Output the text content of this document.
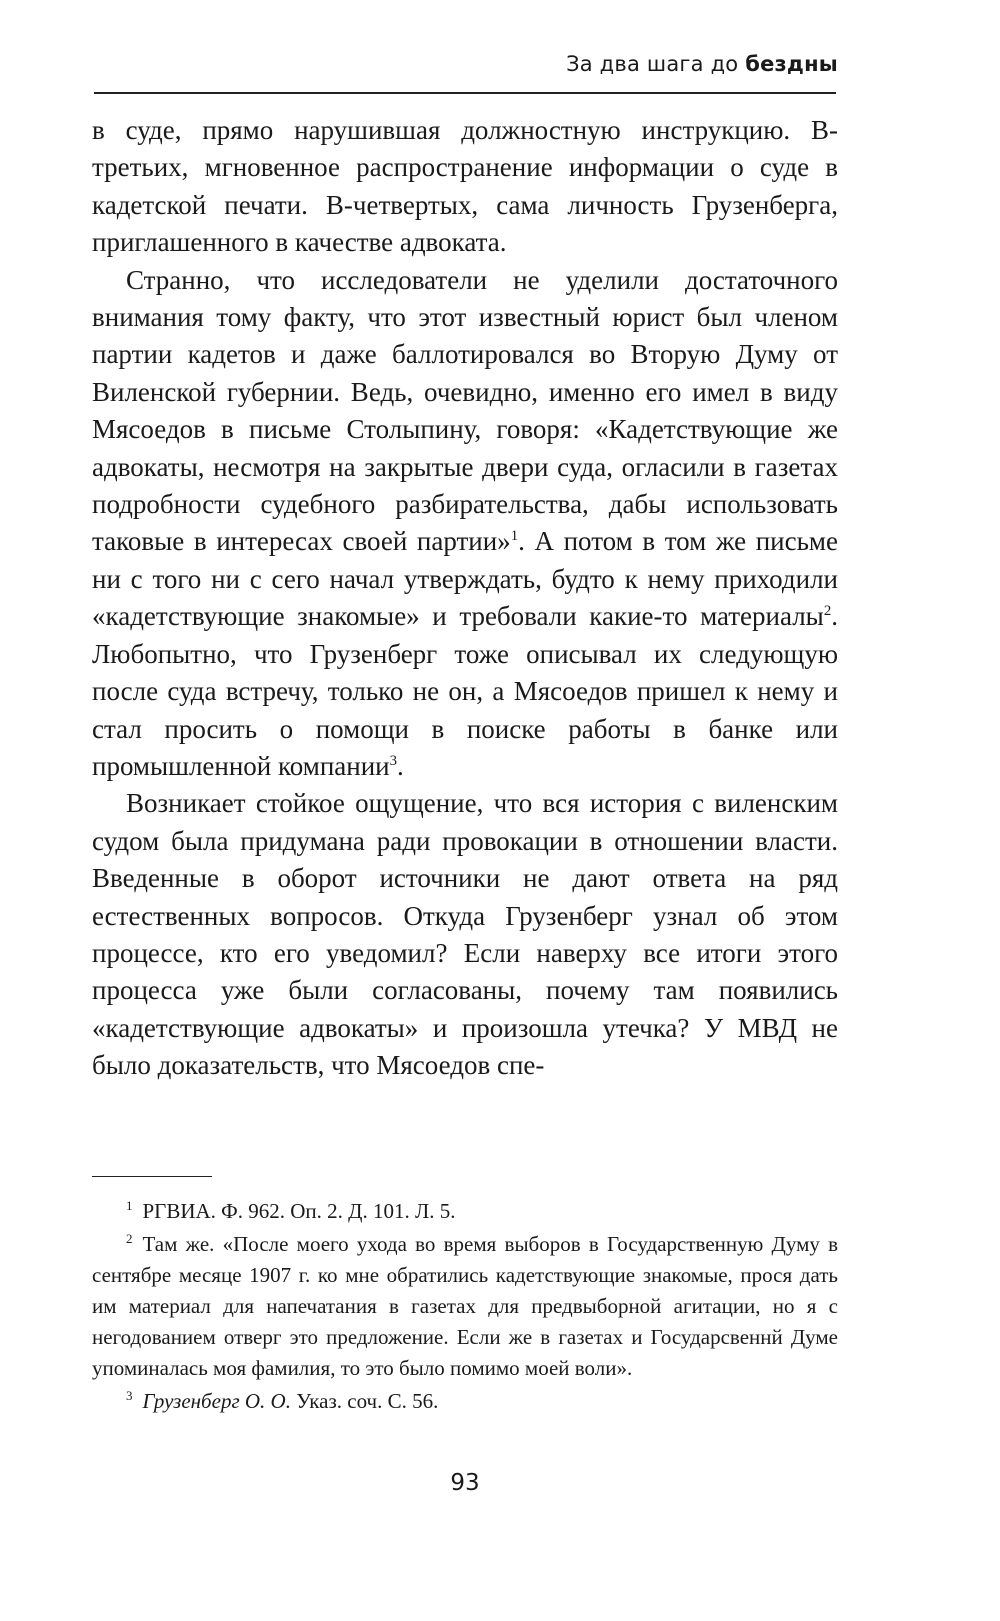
За два шага до бездны

в суде, прямо нарушившая должностную инструкцию. В-третьих, мгновенное распространение информации о суде в кадетской печати. В-четвертых, сама личность Грузенберга, приглашенного в качестве адвоката.

Странно, что исследователи не уделили достаточного внимания тому факту, что этот известный юрист был членом партии кадетов и даже баллотировался во Вторую Думу от Виленской губернии. Ведь, очевидно, именно его имел в виду Мясоедов в письме Столыпину, говоря: «Кадетствующие же адвокаты, несмотря на закрытые двери суда, огласили в газетах подробности судебного разбирательства, дабы использовать таковые в интересах своей партии»$^1$. А потом в том же письме ни с того ни с сего начал утверждать, будто к нему приходили «кадетствующие знакомые» и требовали какие-то материалы$^2$. Любопытно, что Грузенберг тоже описывал их следующую после суда встречу, только не он, а Мясоедов пришел к нему и стал просить о помощи в поиске работы в банке или промышленной компании$^3$.

Возникает стойкое ощущение, что вся история с виленским судом была придумана ради провокации в отношении власти. Введенные в оборот источники не дают ответа на ряд естественных вопросов. Откуда Грузенберг узнал об этом процессе, кто его уведомил? Если наверху все итоги этого процесса уже были согласованы, почему там появились «кадетствующие адвокаты» и произошла утечка? У МВД не было доказательств, что Мясоедов спе-

$^1$ РГВИА. Ф. 962. Оп. 2. Д. 101. Л. 5.

$^2$ Там же. «После моего ухода во время выборов в Государственную Думу в сентябре месяце 1907 г. ко мне обратились кадетствующие знакомые, прося дать им материал для напечатания в газетах для предвыборной агитации, но я с негодованием отверг это предложение. Если же в газетах и Государсвеннй Думе упоминалась моя фамилия, то это было помимо моей воли».

$^3$ Грузенберг О. О. Указ. соч. С. 56.

93
